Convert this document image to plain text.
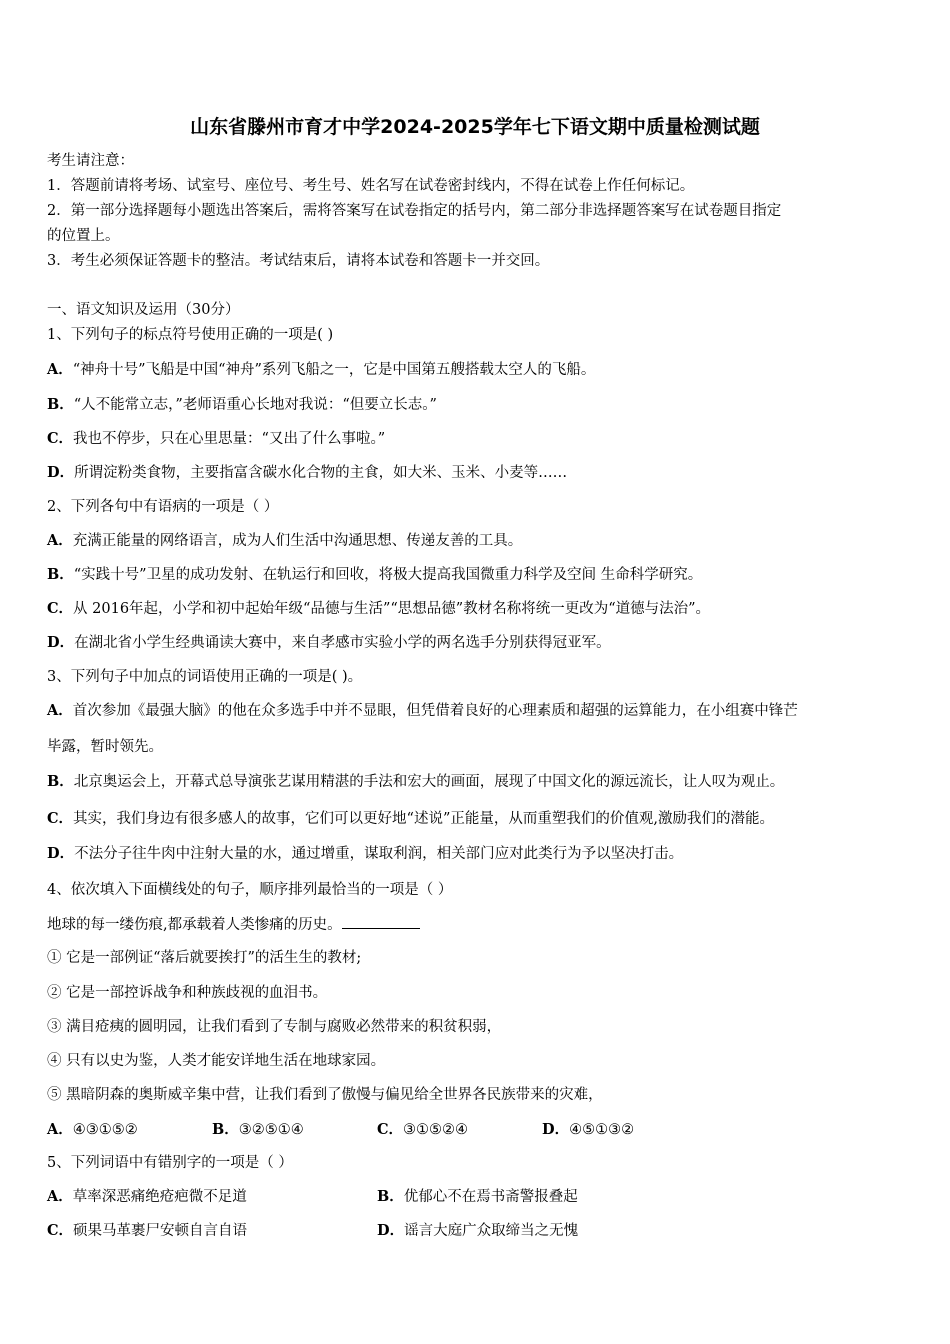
山东省滕州市育才中学2024-2025学年七下语文期中质量检测试题
考生请注意：
1．答题前请将考场、试室号、座位号、考生号、姓名写在试卷密封线内，不得在试卷上作任何标记。
2．第一部分选择题每小题选出答案后，需将答案写在试卷指定的括号内，第二部分非选择题答案写在试卷题目指定
的位置上。
3．考生必须保证答题卡的整洁。考试结束后，请将本试卷和答题卡一并交回。
一、语文知识及运用（30分）
1、下列句子的标点符号使用正确的一项是( )
A．“神舟十号”飞船是中国“神舟”系列飞船之一，它是中国第五艘搭载太空人的飞船。
B．“人不能常立志，”老师语重心长地对我说：“但要立长志。”
C．我也不停步，只在心里思量：“又出了什么事啦。”
D．所谓淀粉类食物，主要指富含碳水化合物的主食，如大米、玉米、小麦等……
2、下列各句中有语病的一项是（ ）
A．充满正能量的网络语言，成为人们生活中沟通思想、传递友善的工具。
B．“实践十号”卫星的成功发射、在轨运行和回收，将极大提高我国微重力科学及空间 生命科学研究。
C．从 2016年起，小学和初中起始年级“品德与生活”“思想品德”教材名称将统一更改为“道德与法治”。
D．在湖北省小学生经典诵读大赛中，来自孝感市实验小学的两名选手分别获得冠亚军。
3、下列句子中加点的词语使用正确的一项是( )。
A．首次参加《最强大脑》的他在众多选手中并不显眼，但凭借着良好的心理素质和超强的运算能力，在小组赛中锋芒
毕露，暂时领先。
B．北京奥运会上，开幕式总导演张艺谋用精湛的手法和宏大的画面，展现了中国文化的源远流长，让人叹为观止。
C．其实，我们身边有很多感人的故事，它们可以更好地“述说”正能量，从而重塑我们的价值观,激励我们的潜能。
D．不法分子往牛肉中注射大量的水，通过增重，谋取利润，相关部门应对此类行为予以坚决打击。
4、依次填入下面横线处的句子，顺序排列最恰当的一项是（ ）
地球的每一缕伤痕,都承载着人类惨痛的历史。
① 它是一部例证“落后就要挨打”的活生生的教材;
② 它是一部控诉战争和种族歧视的血泪书。
③ 满目疮痍的圆明园，让我们看到了专制与腐败必然带来的积贫积弱，
④ 只有以史为鉴，人类才能安详地生活在地球家园。
⑤ 黑暗阴森的奥斯威辛集中营，让我们看到了傲慢与偏见给全世界各民族带来的灾难，
A．④③①⑤②	B．③②⑤①④	C．③①⑤②④	D．④⑤①③②
5、下列词语中有错别字的一项是（ ）
A．草率深恶痛绝疮疤微不足道	B．优郁心不在焉书斋警报叠起
C．硕果马革裹尸安顿自言自语	D．谣言大庭广众取缔当之无愧
